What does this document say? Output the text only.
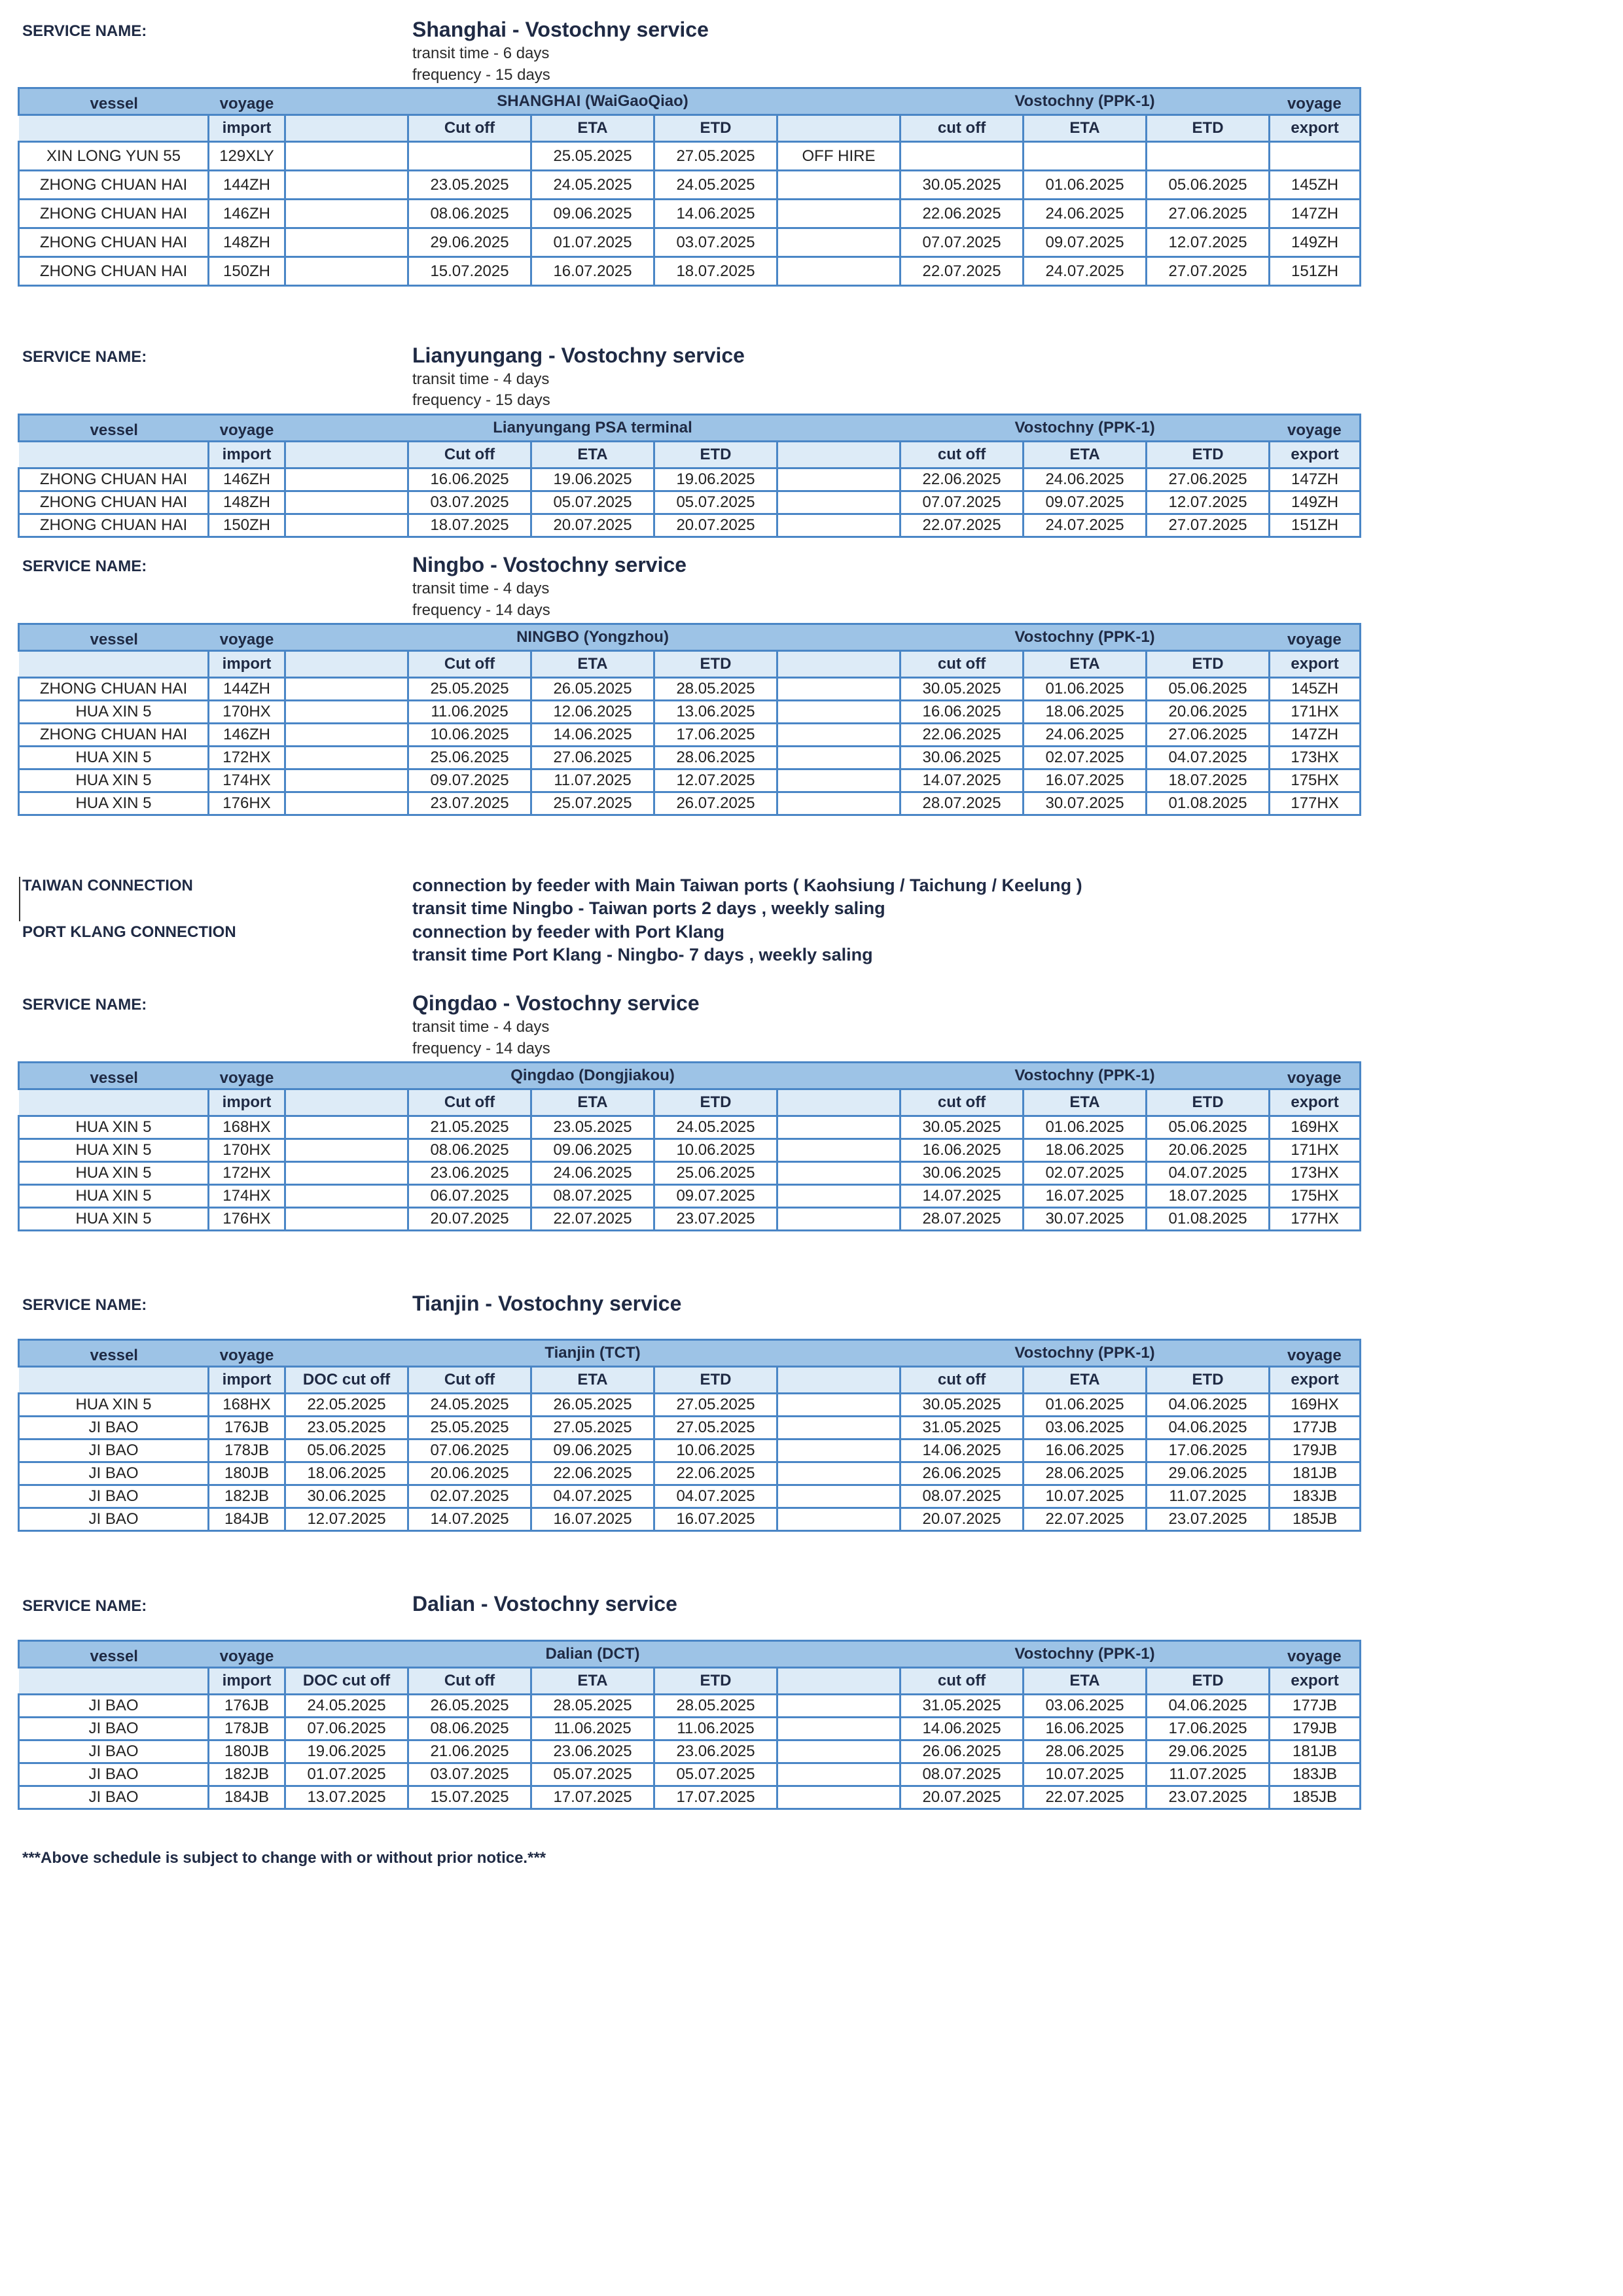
SERVICE NAME:	Shanghai - Vostochny service
transit time - 6 days
frequency - 15 days
vessel	voyage	SHANGHAI (WaiGaoQiao)					Vostochny (PPK-1)			voyage
	import		Cut off	ETA	ETD		cut off	ETA	ETD	export
XIN LONG YUN 55	129XLY			25.05.2025	27.05.2025	OFF HIRE				
ZHONG CHUAN HAI	144ZH		23.05.2025	24.05.2025	24.05.2025		30.05.2025	01.06.2025	05.06.2025	145ZH
ZHONG CHUAN HAI	146ZH		08.06.2025	09.06.2025	14.06.2025		22.06.2025	24.06.2025	27.06.2025	147ZH
ZHONG CHUAN HAI	148ZH		29.06.2025	01.07.2025	03.07.2025		07.07.2025	09.07.2025	12.07.2025	149ZH
ZHONG CHUAN HAI	150ZH		15.07.2025	16.07.2025	18.07.2025		22.07.2025	24.07.2025	27.07.2025	151ZH
SERVICE NAME:	Lianyungang - Vostochny service
transit time - 4 days
frequency - 15 days
vessel	voyage	Lianyungang PSA terminal					Vostochny (PPK-1)			voyage
	import		Cut off	ETA	ETD		cut off	ETA	ETD	export
ZHONG CHUAN HAI	146ZH		16.06.2025	19.06.2025	19.06.2025		22.06.2025	24.06.2025	27.06.2025	147ZH
ZHONG CHUAN HAI	148ZH		03.07.2025	05.07.2025	05.07.2025		07.07.2025	09.07.2025	12.07.2025	149ZH
ZHONG CHUAN HAI	150ZH		18.07.2025	20.07.2025	20.07.2025		22.07.2025	24.07.2025	27.07.2025	151ZH
SERVICE NAME:	Ningbo - Vostochny service
transit time - 4 days
frequency - 14 days
vessel	voyage	NINGBO (Yongzhou)					Vostochny (PPK-1)			voyage
	import		Cut off	ETA	ETD		cut off	ETA	ETD	export
ZHONG CHUAN HAI	144ZH		25.05.2025	26.05.2025	28.05.2025		30.05.2025	01.06.2025	05.06.2025	145ZH
HUA XIN 5	170HX		11.06.2025	12.06.2025	13.06.2025		16.06.2025	18.06.2025	20.06.2025	171HX
ZHONG CHUAN HAI	146ZH		10.06.2025	14.06.2025	17.06.2025		22.06.2025	24.06.2025	27.06.2025	147ZH
HUA XIN 5	172HX		25.06.2025	27.06.2025	28.06.2025		30.06.2025	02.07.2025	04.07.2025	173HX
HUA XIN 5	174HX		09.07.2025	11.07.2025	12.07.2025		14.07.2025	16.07.2025	18.07.2025	175HX
HUA XIN 5	176HX		23.07.2025	25.07.2025	26.07.2025		28.07.2025	30.07.2025	01.08.2025	177HX
TAIWAN CONNECTION	connection by feeder with Main Taiwan ports ( Kaohsiung / Taichung / Keelung )
transit time Ningbo - Taiwan ports 2 days , weekly saling
PORT KLANG CONNECTION	connection by feeder with Port Klang
transit time Port Klang - Ningbo- 7 days , weekly saling
SERVICE NAME:	Qingdao - Vostochny service
transit time - 4 days
frequency - 14 days
vessel	voyage	Qingdao (Dongjiakou)					Vostochny (PPK-1)			voyage
	import		Cut off	ETA	ETD		cut off	ETA	ETD	export
HUA XIN 5	168HX		21.05.2025	23.05.2025	24.05.2025		30.05.2025	01.06.2025	05.06.2025	169HX
HUA XIN 5	170HX		08.06.2025	09.06.2025	10.06.2025		16.06.2025	18.06.2025	20.06.2025	171HX
HUA XIN 5	172HX		23.06.2025	24.06.2025	25.06.2025		30.06.2025	02.07.2025	04.07.2025	173HX
HUA XIN 5	174HX		06.07.2025	08.07.2025	09.07.2025		14.07.2025	16.07.2025	18.07.2025	175HX
HUA XIN 5	176HX		20.07.2025	22.07.2025	23.07.2025		28.07.2025	30.07.2025	01.08.2025	177HX
SERVICE NAME:	Tianjin - Vostochny service
vessel	voyage	Tianjin (TCT)					Vostochny (PPK-1)			voyage
	import	DOC cut off	Cut off	ETA	ETD		cut off	ETA	ETD	export
HUA XIN 5	168HX	22.05.2025	24.05.2025	26.05.2025	27.05.2025		30.05.2025	01.06.2025	04.06.2025	169HX
JI BAO	176JB	23.05.2025	25.05.2025	27.05.2025	27.05.2025		31.05.2025	03.06.2025	04.06.2025	177JB
JI BAO	178JB	05.06.2025	07.06.2025	09.06.2025	10.06.2025		14.06.2025	16.06.2025	17.06.2025	179JB
JI BAO	180JB	18.06.2025	20.06.2025	22.06.2025	22.06.2025		26.06.2025	28.06.2025	29.06.2025	181JB
JI BAO	182JB	30.06.2025	02.07.2025	04.07.2025	04.07.2025		08.07.2025	10.07.2025	11.07.2025	183JB
JI BAO	184JB	12.07.2025	14.07.2025	16.07.2025	16.07.2025		20.07.2025	22.07.2025	23.07.2025	185JB
SERVICE NAME:	Dalian - Vostochny service
vessel	voyage	Dalian (DCT)					Vostochny (PPK-1)			voyage
	import	DOC cut off	Cut off	ETA	ETD		cut off	ETA	ETD	export
JI BAO	176JB	24.05.2025	26.05.2025	28.05.2025	28.05.2025		31.05.2025	03.06.2025	04.06.2025	177JB
JI BAO	178JB	07.06.2025	08.06.2025	11.06.2025	11.06.2025		14.06.2025	16.06.2025	17.06.2025	179JB
JI BAO	180JB	19.06.2025	21.06.2025	23.06.2025	23.06.2025		26.06.2025	28.06.2025	29.06.2025	181JB
JI BAO	182JB	01.07.2025	03.07.2025	05.07.2025	05.07.2025		08.07.2025	10.07.2025	11.07.2025	183JB
JI BAO	184JB	13.07.2025	15.07.2025	17.07.2025	17.07.2025		20.07.2025	22.07.2025	23.07.2025	185JB
***Above schedule is subject to change with or without prior notice.***
